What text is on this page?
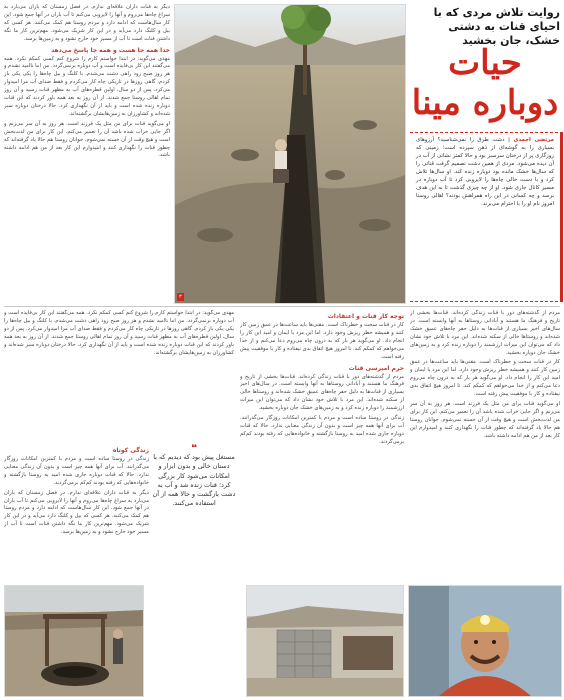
دیگر به قنات‌ داران علاقه‌ای ندارم. در فصل زمستان که باران می‌بارد به سراغ چاه‌ها می‌روم و آنها را لایروبی می‌کنم تا آب باران در آنها جمع شود. این کار سال‌هاست که ادامه دارد و مردم روستا هم کمک می‌کنند. هر کسی که بیل و کلنگ دارد می‌آید و در این کار شریک می‌شود. مهم‌ترین کار ما نگه داشتن قنات است تا آب از مسیر خود خارج نشود و به زمین‌ها برسد.

خدا همه جا هست و همه جا پاسخ می‌دهد

مهدی می‌گوید: در ابتدا خواستم کارم را شروع کنم کسی کمکم نکرد. همه می‌گفتند این کار بی‌فایده است و آب دوباره برنمی‌گردد. من اما ناامید نشدم و هر روز صبح زود راهی دشت می‌شدم. با کلنگ و بیل چاه‌ها را یکی یکی باز کردم. گاهی روزها در تاریکی چاه کار می‌کردم و فقط صدای آب مرا امیدوار می‌کرد. پس از دو سال، اولین قطره‌های آب به مظهر قنات رسید و آن روز تمام اهالی روستا جمع شدند. از آن روز به بعد همه باور کردند که این قنات دوباره زنده شده است و باید از آن نگهداری کرد. حالا درختان دوباره سبز شده‌اند و کشاورزان به زمین‌هایشان برگشته‌اند.

او می‌گوید قنات برای من مثل یک فرزند است. هر روز به آن سر می‌زنم و اگر جایی خراب شده باشد آن را تعمیر می‌کنم. این کار برای من لذت‌بخش است و هیچ وقت از آن خسته نمی‌شوم. جوانان روستا هم حالا یاد گرفته‌اند که چطور قنات را نگهداری کنند و امیدوارم این کار بعد از من هم ادامه داشته باشد.

۳
روایت تلاش مردی که با احیای قنات به دشتی خشک، جان بخشید
حیات
دوباره مینا
مرتضی احمدی | دشت طرق را نمی‌شناسید؟ آرزوهای بسیاری را به گوشه‌ای از ذهن سپرده است؛ زمینی که روزگاری پر از درختان سرسبز بود و حالا کمتر نشانی از آب در آن دیده می‌شود. مردی از همین دشت تصمیم گرفت قناتی را که سال‌ها خشک مانده بود دوباره زنده کند. او سال‌ها تلاش کرد و با دست خالی چاه‌ها را لایروبی کرد تا آب دوباره در مسیر کانال جاری شود. او از چه چیزی گذشت تا به این هدف برسد و چه کسانی در این راه همراهش بودند؟ اهالی روستا امروز نام او را با احترام می‌برند.

مردم از گذشته‌های دور با قنات زندگی کرده‌اند. قنات‌ها بخشی از تاریخ و فرهنگ ما هستند و آبادانی روستاها به آنها وابسته است. در سال‌های اخیر بسیاری از قنات‌ها به دلیل حفر چاه‌های عمیق خشک شده‌اند و روستاها خالی از سکنه شده‌اند. این مرد با تلاش خود نشان داد که می‌توان این میراث ارزشمند را دوباره زنده کرد و به زمین‌های خشک جان دوباره بخشید.

کار در قنات سخت و خطرناک است. مقنی‌ها باید ساعت‌ها در عمق زمین کار کنند و همیشه خطر ریزش وجود دارد. اما این مرد با ایمان و امید این کار را انجام داد. او می‌گوید هر بار که به درون چاه می‌روم دعا می‌کنم و از خدا می‌خواهم که کمکم کند. تا امروز هیچ اتفاق بدی نیفتاده و کار با موفقیت پیش رفته است.

او می‌گوید قنات برای من مثل یک فرزند است. هر روز به آن سر می‌زنم و اگر جایی خراب شده باشد آن را تعمیر می‌کنم. این کار برای من لذت‌بخش است و هیچ وقت از آن خسته نمی‌شوم. جوانان روستا هم حالا یاد گرفته‌اند که چطور قنات را نگهداری کنند و امیدوارم این کار بعد از من هم ادامه داشته باشد.

توجه کار قنات و اعتقادات

کار در قنات سخت و خطرناک است. مقنی‌ها باید ساعت‌ها در عمق زمین کار کنند و همیشه خطر ریزش وجود دارد. اما این مرد با ایمان و امید این کار را انجام داد. او می‌گوید هر بار که به درون چاه می‌روم دعا می‌کنم و از خدا می‌خواهم که کمکم کند. تا امروز هیچ اتفاق بدی نیفتاده و کار با موفقیت پیش رفته است.

حرم امیرسی قنات

مردم از گذشته‌های دور با قنات زندگی کرده‌اند. قنات‌ها بخشی از تاریخ و فرهنگ ما هستند و آبادانی روستاها به آنها وابسته است. در سال‌های اخیر بسیاری از قنات‌ها به دلیل حفر چاه‌های عمیق خشک شده‌اند و روستاها خالی از سکنه شده‌اند. این مرد با تلاش خود نشان داد که می‌توان این میراث ارزشمند را دوباره زنده کرد و به زمین‌های خشک جان دوباره بخشید.

زندگی در روستا ساده است و مردم با کمترین امکانات روزگار می‌گذرانند. آب برای آنها همه چیز است و بدون آن زندگی معنایی ندارد. حالا که قنات دوباره جاری شده امید به روستا بازگشته و خانواده‌هایی که رفته بودند کم‌کم برمی‌گردند.

مهدی می‌گوید: در ابتدا خواستم کارم را شروع کنم کسی کمکم نکرد. همه می‌گفتند این کار بی‌فایده است و آب دوباره برنمی‌گردد. من اما ناامید نشدم و هر روز صبح زود راهی دشت می‌شدم. با کلنگ و بیل چاه‌ها را یکی یکی باز کردم. گاهی روزها در تاریکی چاه کار می‌کردم و فقط صدای آب مرا امیدوار می‌کرد. پس از دو سال، اولین قطره‌های آب به مظهر قنات رسید و آن روز تمام اهالی روستا جمع شدند. از آن روز به بعد همه باور کردند که این قنات دوباره زنده شده است و باید از آن نگهداری کرد. حالا درختان دوباره سبز شده‌اند و کشاورزان به زمین‌هایشان برگشته‌اند.

زندگی کوتاه

زندگی در روستا ساده است و مردم با کمترین امکانات روزگار می‌گذرانند. آب برای آنها همه چیز است و بدون آن زندگی معنایی ندارد. حالا که قنات دوباره جاری شده امید به روستا بازگشته و خانواده‌هایی که رفته بودند کم‌کم برمی‌گردند.

دیگر به قنات‌ داران علاقه‌ای ندارم. در فصل زمستان که باران می‌بارد به سراغ چاه‌ها می‌روم و آنها را لایروبی می‌کنم تا آب باران در آنها جمع شود. این کار سال‌هاست که ادامه دارد و مردم روستا هم کمک می‌کنند. هر کسی که بیل و کلنگ دارد می‌آید و در این کار شریک می‌شود. مهم‌ترین کار ما نگه داشتن قنات است تا آب از مسیر خود خارج نشود و به زمین‌ها برسد.

❝
مستغل پیش بود که دیدیم که با دستان خالی و بدون ابزار و امکانات می‌شود کار بزرگی کرد؛ قنات زنده شد و آب به دشت بازگشت و حالا همه از آن استفاده می‌کنند.
